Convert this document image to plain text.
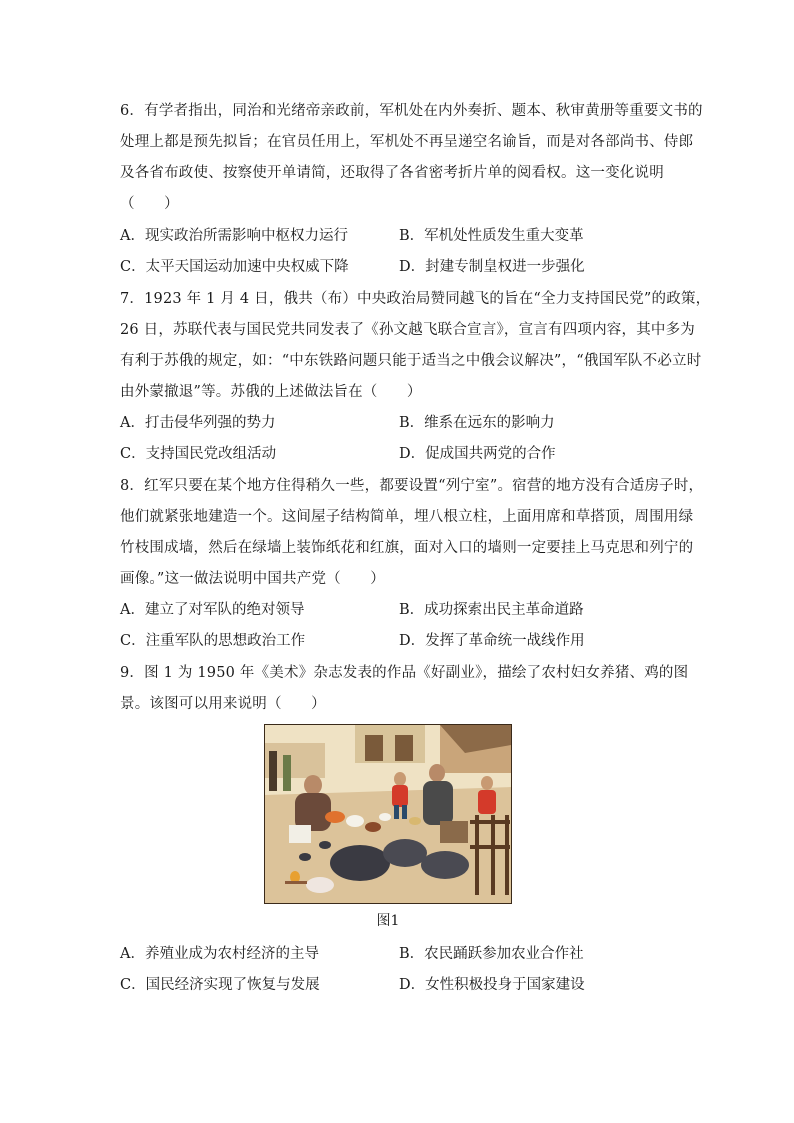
6．有学者指出，同治和光绪帝亲政前，军机处在内外奏折、题本、秋审黄册等重要文书的
处理上都是预先拟旨；在官员任用上，军机处不再呈递空名谕旨，而是对各部尚书、侍郎
及各省布政使、按察使开单请简，还取得了各省密考折片单的阅看权。这一变化说明
（　　）
A．现实政治所需影响中枢权力运行	B．军机处性质发生重大变革
C．太平天国运动加速中央权威下降	D．封建专制皇权进一步强化
7．1923 年 1 月 4 日，俄共（布）中央政治局赞同越飞的旨在“全力支持国民党”的政策，
26 日，苏联代表与国民党共同发表了《孙文越飞联合宣言》，宣言有四项内容，其中多为
有利于苏俄的规定，如：“中东铁路问题只能于适当之中俄会议解决”，“俄国军队不必立时
由外蒙撤退”等。苏俄的上述做法旨在（　　）
A．打击侵华列强的势力	B．维系在远东的影响力
C．支持国民党改组活动	D．促成国共两党的合作
8．红军只要在某个地方住得稍久一些，都要设置“列宁室”。宿营的地方没有合适房子时，
他们就紧张地建造一个。这间屋子结构简单，埋八根立柱，上面用席和草搭顶，周围用绿
竹枝围成墙，然后在绿墙上装饰纸花和红旗，面对入口的墙则一定要挂上马克思和列宁的
画像。”这一做法说明中国共产党（　　）
A．建立了对军队的绝对领导	B．成功探索出民主革命道路
C．注重军队的思想政治工作	D．发挥了革命统一战线作用
9．图 1 为 1950 年《美术》杂志发表的作品《好副业》，描绘了农村妇女养猪、鸡的图
景。该图可以用来说明（　　）
图1
A．养殖业成为农村经济的主导	B．农民踊跃参加农业合作社
C．国民经济实现了恢复与发展	D．女性积极投身于国家建设
